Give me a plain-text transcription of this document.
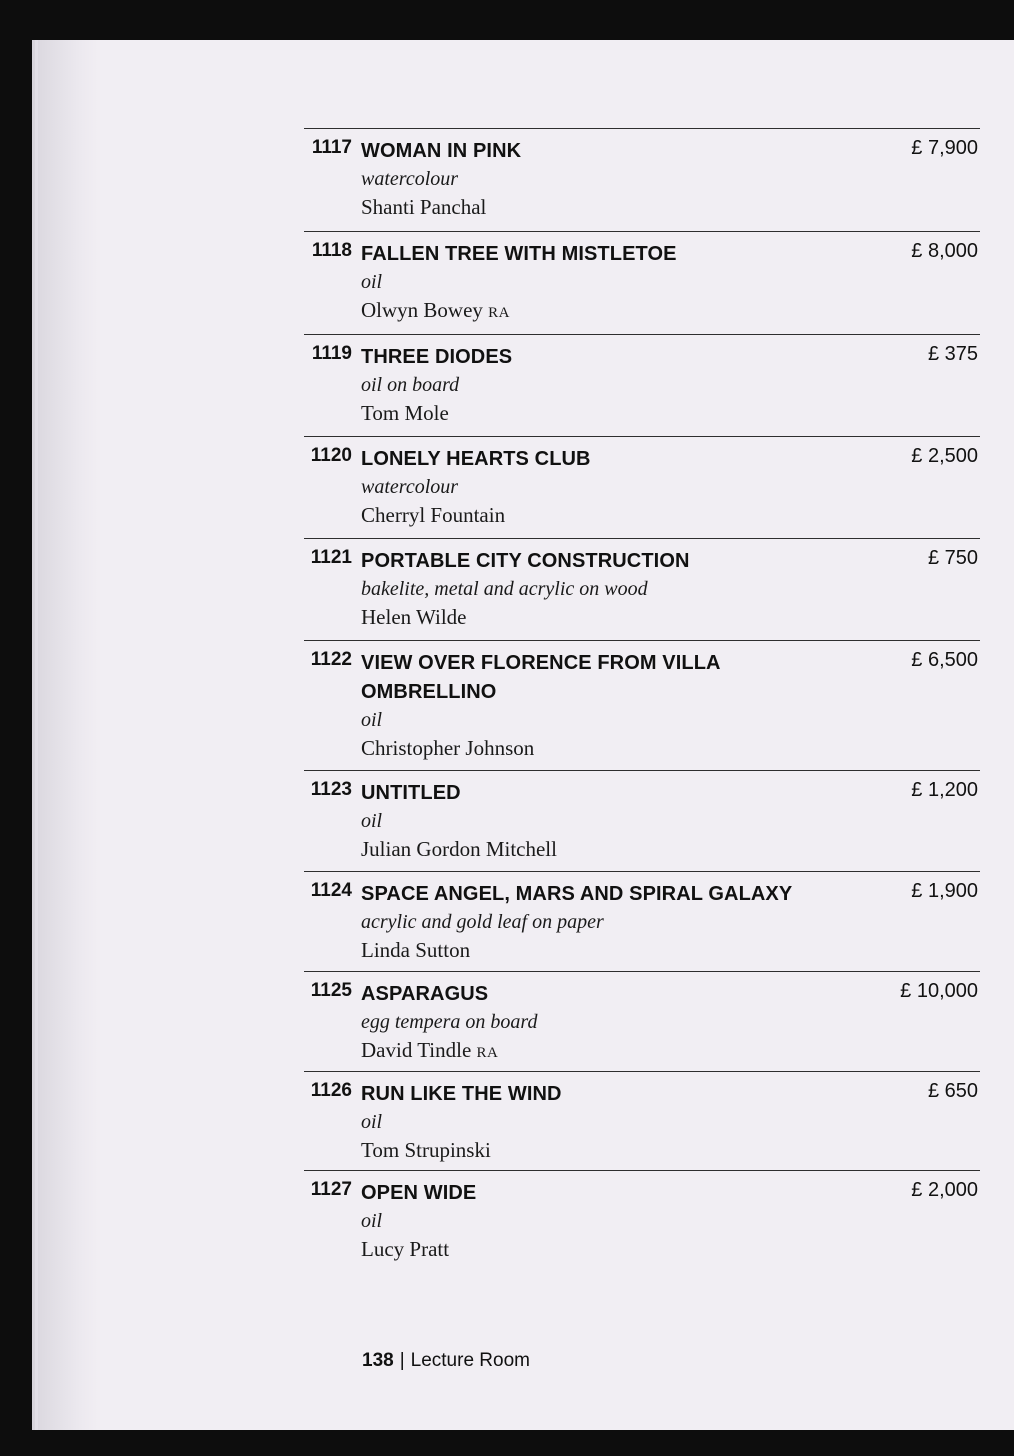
1117 WOMAN IN PINK
watercolour
Shanti Panchal
£ 7,900
1118 FALLEN TREE WITH MISTLETOE
oil
Olwyn Bowey RA
£ 8,000
1119 THREE DIODES
oil on board
Tom Mole
£ 375
1120 LONELY HEARTS CLUB
watercolour
Cherryl Fountain
£ 2,500
1121 PORTABLE CITY CONSTRUCTION
bakelite, metal and acrylic on wood
Helen Wilde
£ 750
1122 VIEW OVER FLORENCE FROM VILLA OMBRELLINO
oil
Christopher Johnson
£ 6,500
1123 UNTITLED
oil
Julian Gordon Mitchell
£ 1,200
1124 SPACE ANGEL, MARS AND SPIRAL GALAXY
acrylic and gold leaf on paper
Linda Sutton
£ 1,900
1125 ASPARAGUS
egg tempera on board
David Tindle RA
£ 10,000
1126 RUN LIKE THE WIND
oil
Tom Strupinski
£ 650
1127 OPEN WIDE
oil
Lucy Pratt
£ 2,000
138 | Lecture Room
